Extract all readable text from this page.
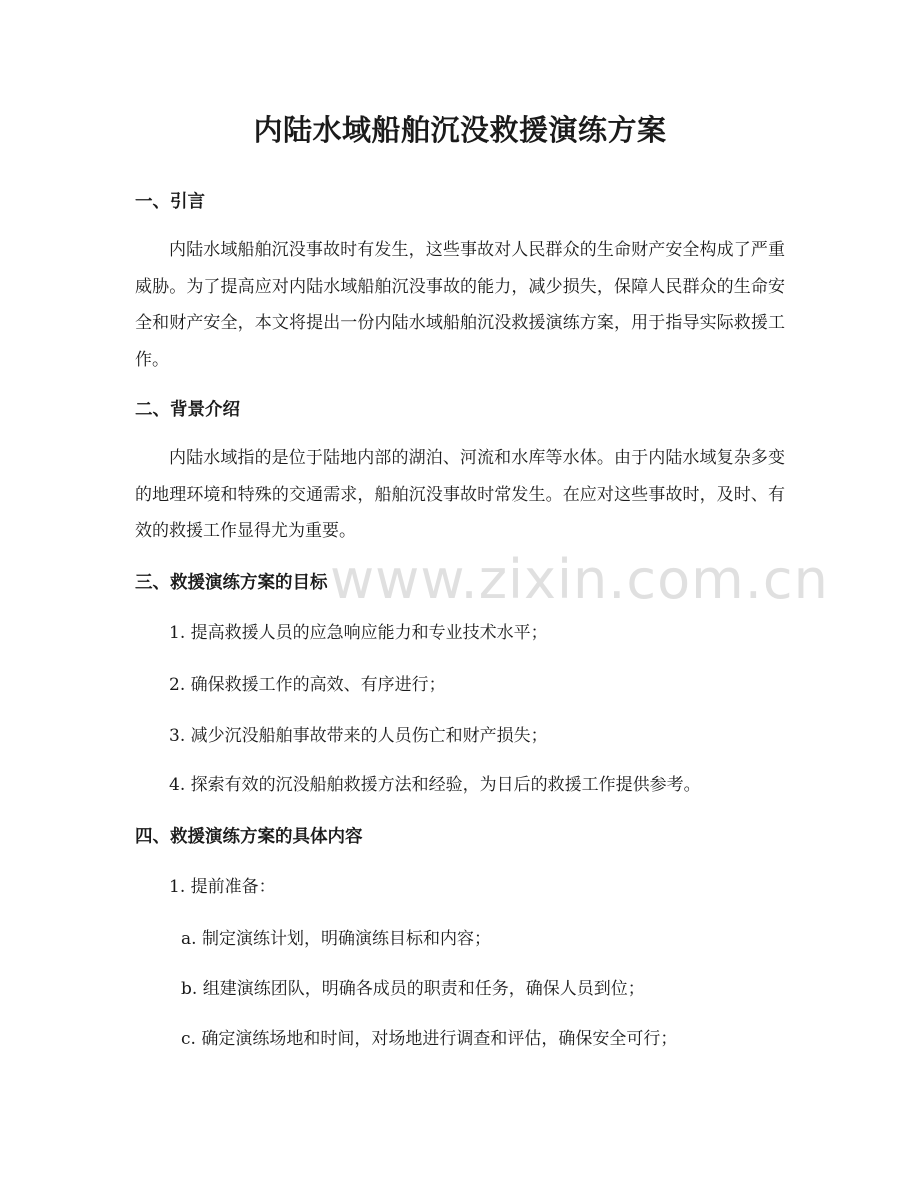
www.zixin.com.cn
内陆水域船舶沉没救援演练方案
一、引言
内陆水域船舶沉没事故时有发生，这些事故对人民群众的生命财产安全构成了严重威胁。为了提高应对内陆水域船舶沉没事故的能力，减少损失，保障人民群众的生命安全和财产安全，本文将提出一份内陆水域船舶沉没救援演练方案，用于指导实际救援工作。
二、背景介绍
内陆水域指的是位于陆地内部的湖泊、河流和水库等水体。由于内陆水域复杂多变的地理环境和特殊的交通需求，船舶沉没事故时常发生。在应对这些事故时，及时、有效的救援工作显得尤为重要。
三、救援演练方案的目标
1. 提高救援人员的应急响应能力和专业技术水平；
2. 确保救援工作的高效、有序进行；
3. 减少沉没船舶事故带来的人员伤亡和财产损失；
4. 探索有效的沉没船舶救援方法和经验，为日后的救援工作提供参考。
四、救援演练方案的具体内容
1. 提前准备：
a. 制定演练计划，明确演练目标和内容；
b. 组建演练团队，明确各成员的职责和任务，确保人员到位；
c. 确定演练场地和时间，对场地进行调查和评估，确保安全可行；
